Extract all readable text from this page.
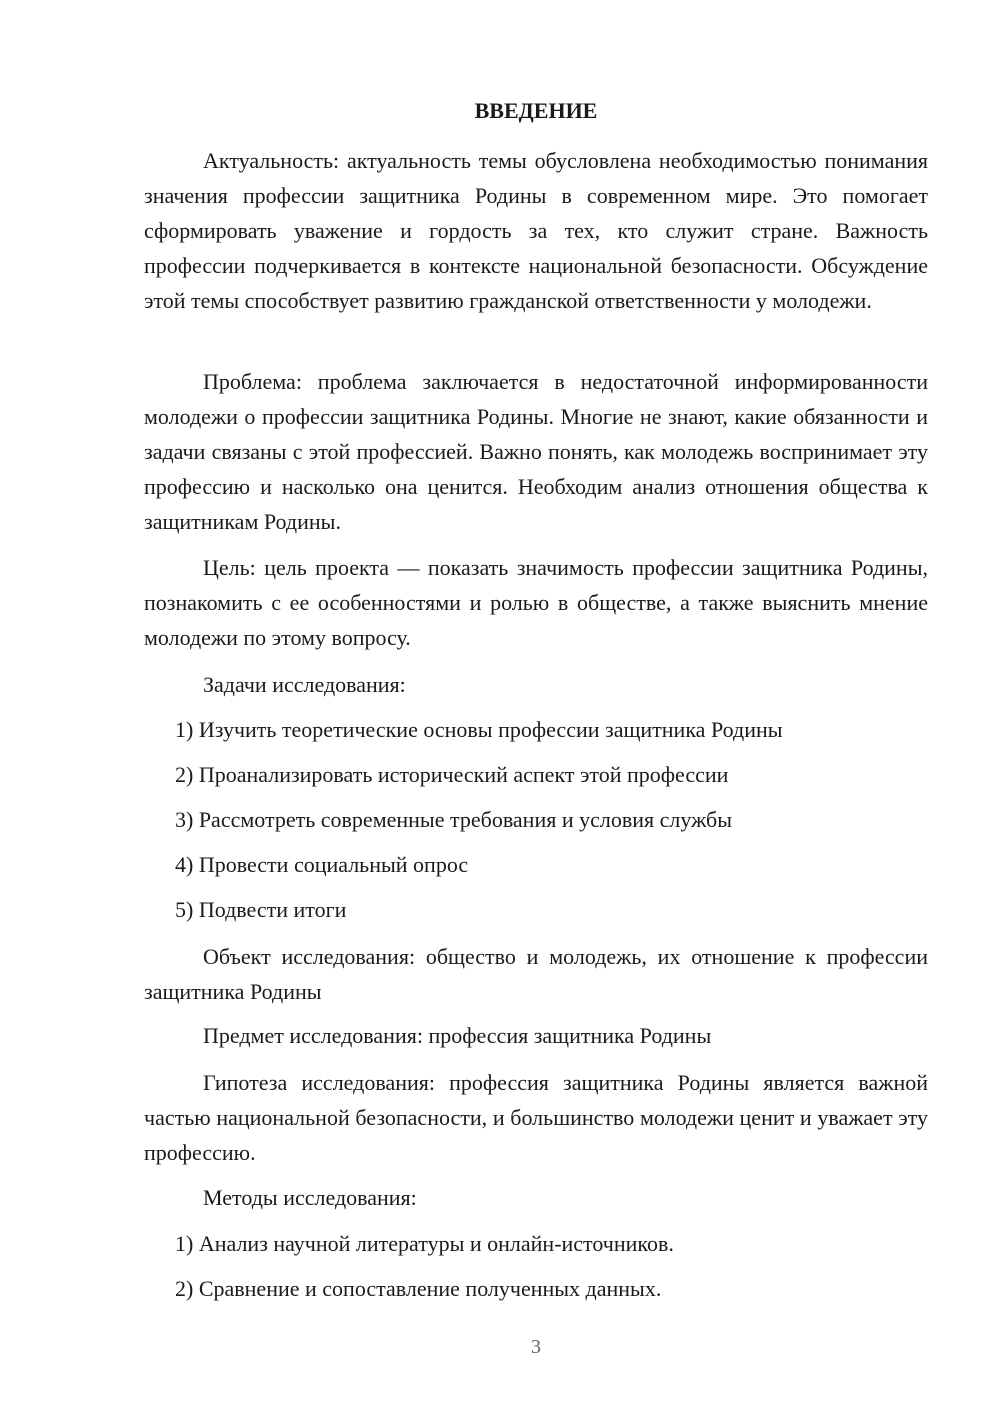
ВВЕДЕНИЕ

Актуальность: актуальность темы обусловлена необходимостью понимания значения профессии защитника Родины в современном мире. Это помогает сформировать уважение и гордость за тех, кто служит стране. Важность профессии подчеркивается в контексте национальной безопасности. Обсуждение этой темы способствует развитию гражданской ответственности у молодежи.

Проблема: проблема заключается в недостаточной информированности молодежи о профессии защитника Родины. Многие не знают, какие обязанности и задачи связаны с этой профессией. Важно понять, как молодежь воспринимает эту профессию и насколько она ценится. Необходим анализ отношения общества к защитникам Родины.

Цель: цель проекта — показать значимость профессии защитника Родины, познакомить с ее особенностями и ролью в обществе, а также выяснить мнение молодежи по этому вопросу.

Задачи исследования:

1) Изучить теоретические основы профессии защитника Родины

2) Проанализировать исторический аспект этой профессии

3) Рассмотреть современные требования и условия службы

4) Провести социальный опрос

5) Подвести итоги

Объект исследования: общество и молодежь, их отношение к профессии защитника Родины

Предмет исследования: профессия защитника Родины

Гипотеза исследования: профессия защитника Родины является важной частью национальной безопасности, и большинство молодежи ценит и уважает эту профессию.

Методы исследования:

1) Анализ научной литературы и онлайн-источников.

2) Сравнение и сопоставление полученных данных.

3
